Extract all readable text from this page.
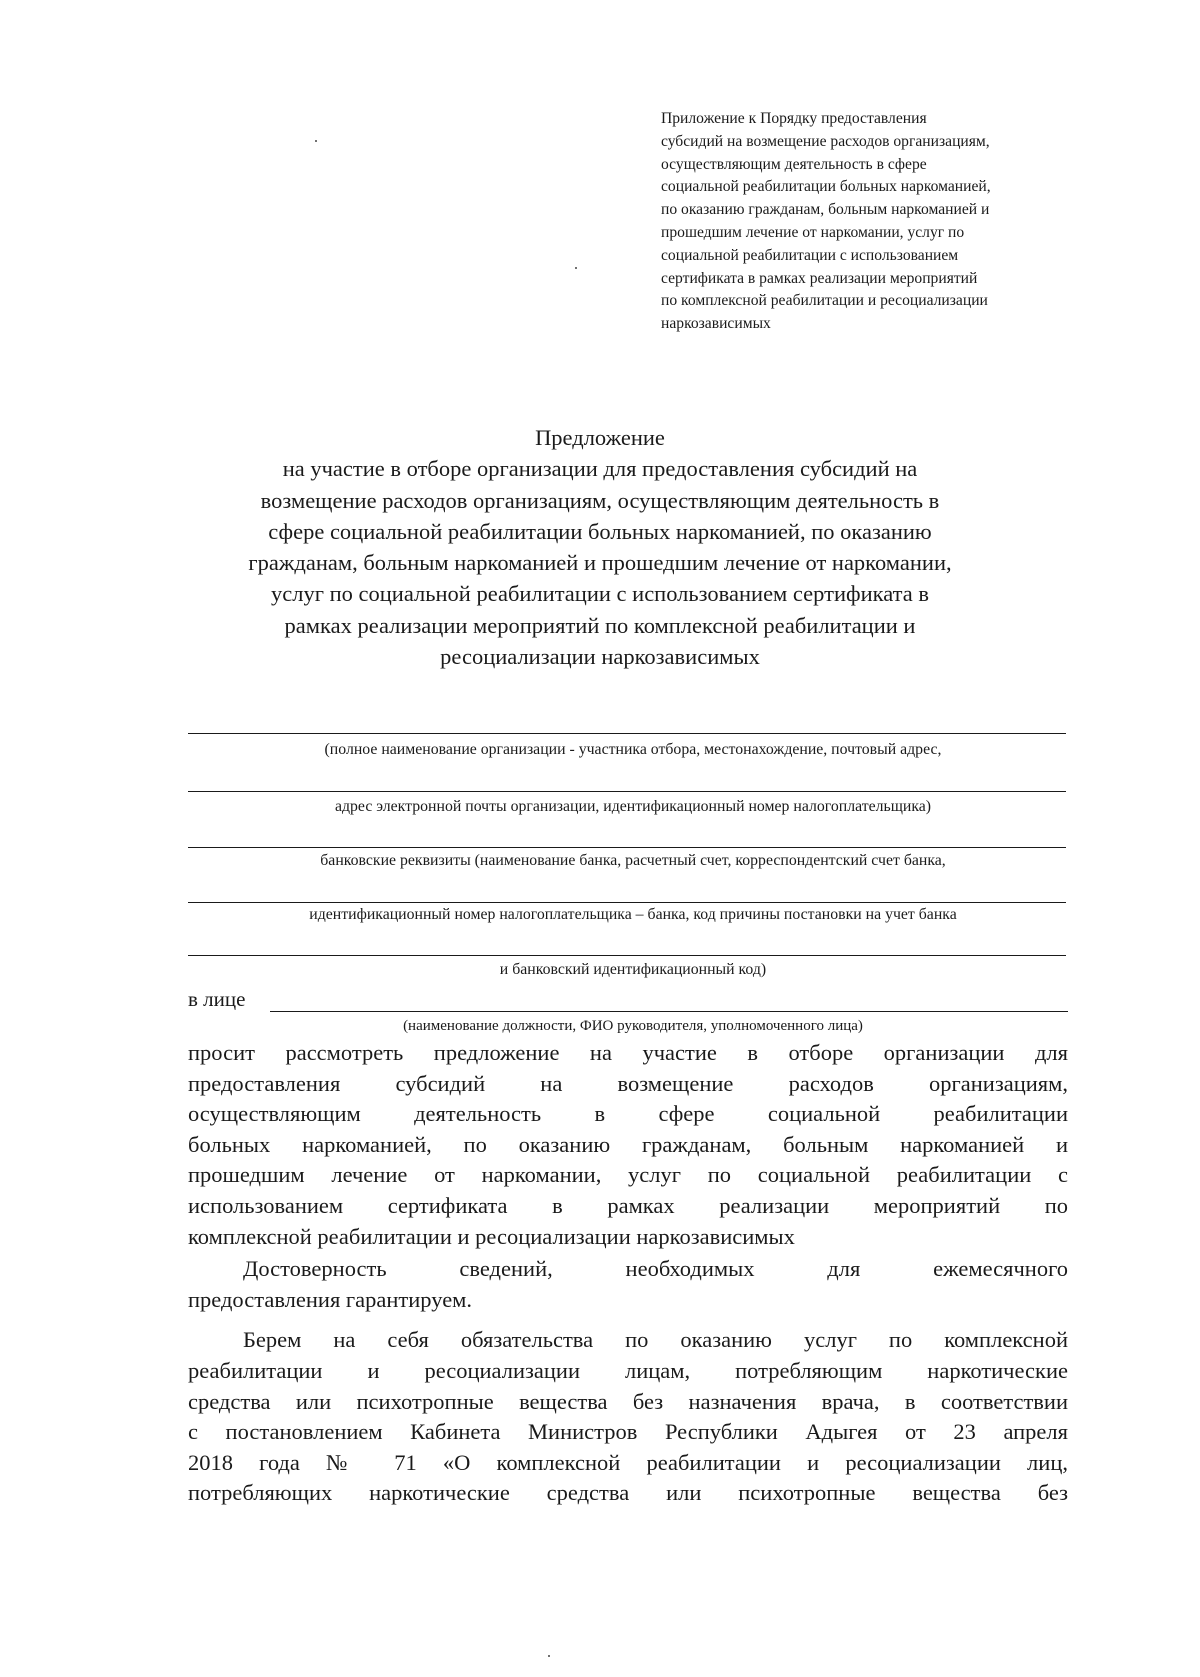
Приложение к Порядку предоставления
субсидий на возмещение расходов организациям,
осуществляющим деятельность в сфере
социальной реабилитации больных наркоманией,
по оказанию гражданам, больным наркоманией и
прошедшим лечение от наркомании, услуг по
социальной реабилитации с использованием
сертификата в рамках реализации мероприятий
по комплексной реабилитации и ресоциализации
наркозависимых
Предложение
на участие в отборе организации для предоставления субсидий на
возмещение расходов организациям, осуществляющим деятельность в
сфере социальной реабилитации больных наркоманией, по оказанию
гражданам, больным наркоманией и прошедшим лечение от наркомании,
услуг по социальной реабилитации с использованием сертификата в
рамках реализации мероприятий по комплексной реабилитации и
ресоциализации наркозависимых
(полное наименование организации - участника отбора, местонахождение, почтовый адрес,
адрес электронной почты организации, идентификационный номер налогоплательщика)
банковские реквизиты (наименование банка, расчетный счет, корреспондентский счет банка,
идентификационный номер налогоплательщика – банка, код причины постановки на учет банка
и банковский идентификационный код)
в лице
(наименование должности, ФИО руководителя, уполномоченного лица)
просит рассмотреть предложение на участие в отборе организации для
предоставления субсидий на возмещение расходов организациям,
осуществляющим деятельность в сфере социальной реабилитации
больных наркоманией, по оказанию гражданам, больным наркоманией и
прошедшим лечение от наркомании, услуг по социальной реабилитации с
использованием сертификата в рамках реализации мероприятий по
комплексной реабилитации и ресоциализации наркозависимых
Достоверность сведений, необходимых для ежемесячного
предоставления гарантируем.
Берем на себя обязательства по оказанию услуг по комплексной
реабилитации и ресоциализации лицам, потребляющим наркотические
средства или психотропные вещества без назначения врача, в соответствии
с постановлением Кабинета Министров Республики Адыгея от 23 апреля
2018 года № 71 «О комплексной реабилитации и ресоциализации лиц,
потребляющих наркотические средства или психотропные вещества без
